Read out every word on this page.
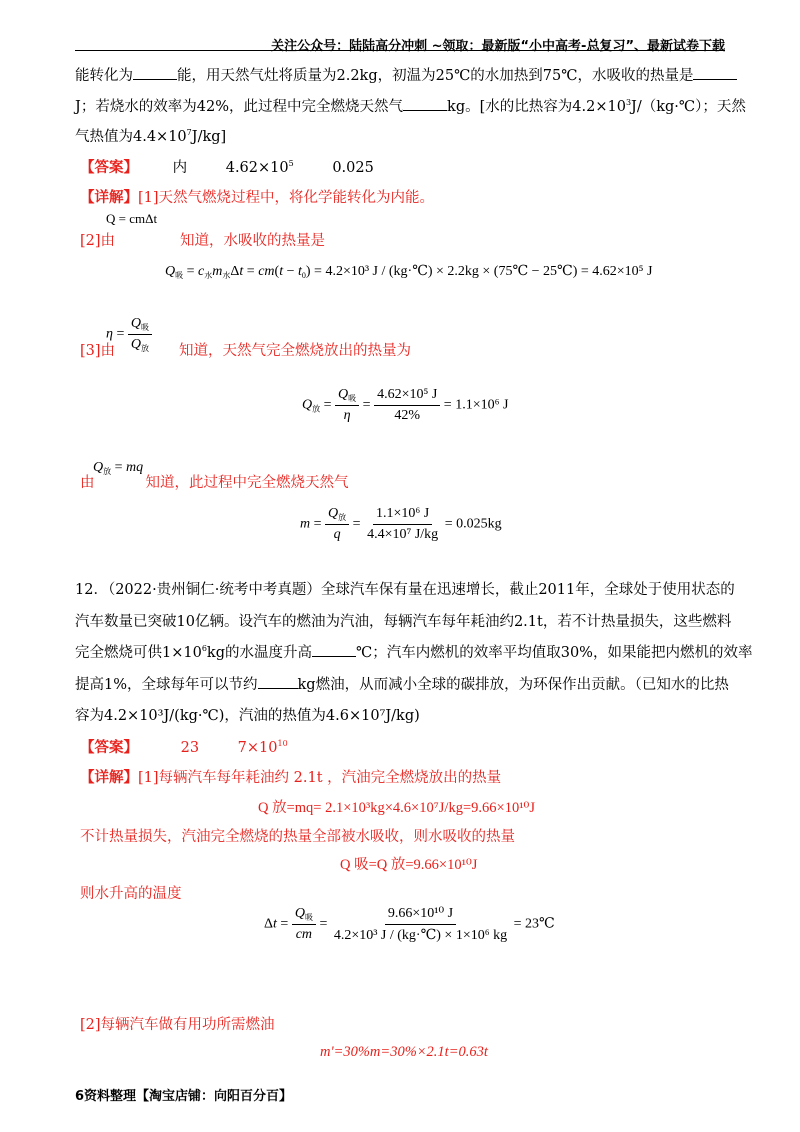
关注公众号：陆陆高分冲刺 ~领取：最新版“小中高考-总复习”、最新试卷下载
能转化为	能，用天然气灶将质量为2.2kg，初温为25℃的水加热到75℃，水吸收的热量是
J；若烧水的效率为42%，此过程中完全燃烧天然气	kg。[水的比热容为$4.2\times 10^3J/(kg\cdot℃)$；天然
气热值为$4.4\times 10^7J/kg$]
【答案】 内	$4.62\times 10^5$	0.025
【详解】[1]天然气燃烧过程中，将化学能转化为内能。
Q = cmΔt
[2]由	知道，水吸收的热量是
$Q_吸 = c_水m_水\Delta t = cm(t - t_0) = 4.2\times 10^3$ J / (kg·℃) × 2.2kg × (75℃ − 25℃) = 4.62×10⁵ J
$\eta = \frac{Q_吸}{Q_放}$
[3]由	知道，天然气完全燃烧放出的热量为
$Q_放 = \frac{Q_吸}{\eta} = \frac{\text{4.62×10⁵ J}}{42\%} = 1.1\times 10^6$ J
$Q_放$ = mq
由	知道，此过程中完全燃烧天然气
$m = \frac{Q_放}{q} = \frac{\text{1.1×10⁶ J}}{\text{4.4×10⁷ J/kg}} = 0.025kg$
12．（2022·贵州铜仁·统考中考真题）全球汽车保有量在迅速增长，截止2011年，全球处于使用状态的
汽车数量已突破10亿辆。设汽车的燃油为汽油，每辆汽车每年耗油约2.1t，若不计热量损失，这些燃料
完全燃烧可供$1\times 10^6kg$的水温度升高	℃；汽车内燃机的效率平均值取30%，如果能把内燃机的效率
提高1%，全球每年可以节约	kg燃油，从而减小全球的碳排放，为环保作出贡献。（已知水的比热
容为4.2×10³J/(kg·℃)，汽油的热值为4.6×10⁷J/kg)
【答案】	23	$7\times 10^{10}$
【详解】[1]每辆汽车每年耗油约 2.1t ，汽油完全燃烧放出的热量
Q 放=mq= 2.1×10³kg×4.6×10⁷J/kg=9.66×10¹⁰J
不计热量损失，汽油完全燃烧的热量全部被水吸收，则水吸收的热量
Q 吸=Q 放=9.66×10¹⁰J
则水升高的温度
$\Delta t = \frac{Q_吸}{cm} = \frac{\text{9.66×10¹⁰ J}}{\text{4.2×10³ J / (kg·℃) × 1×10⁶ kg}}$ = 23℃
[2]每辆汽车做有用功所需燃油
m'=30%m=30%×2.1t=0.63t
6资料整理【淘宝店铺：向阳百分百】
